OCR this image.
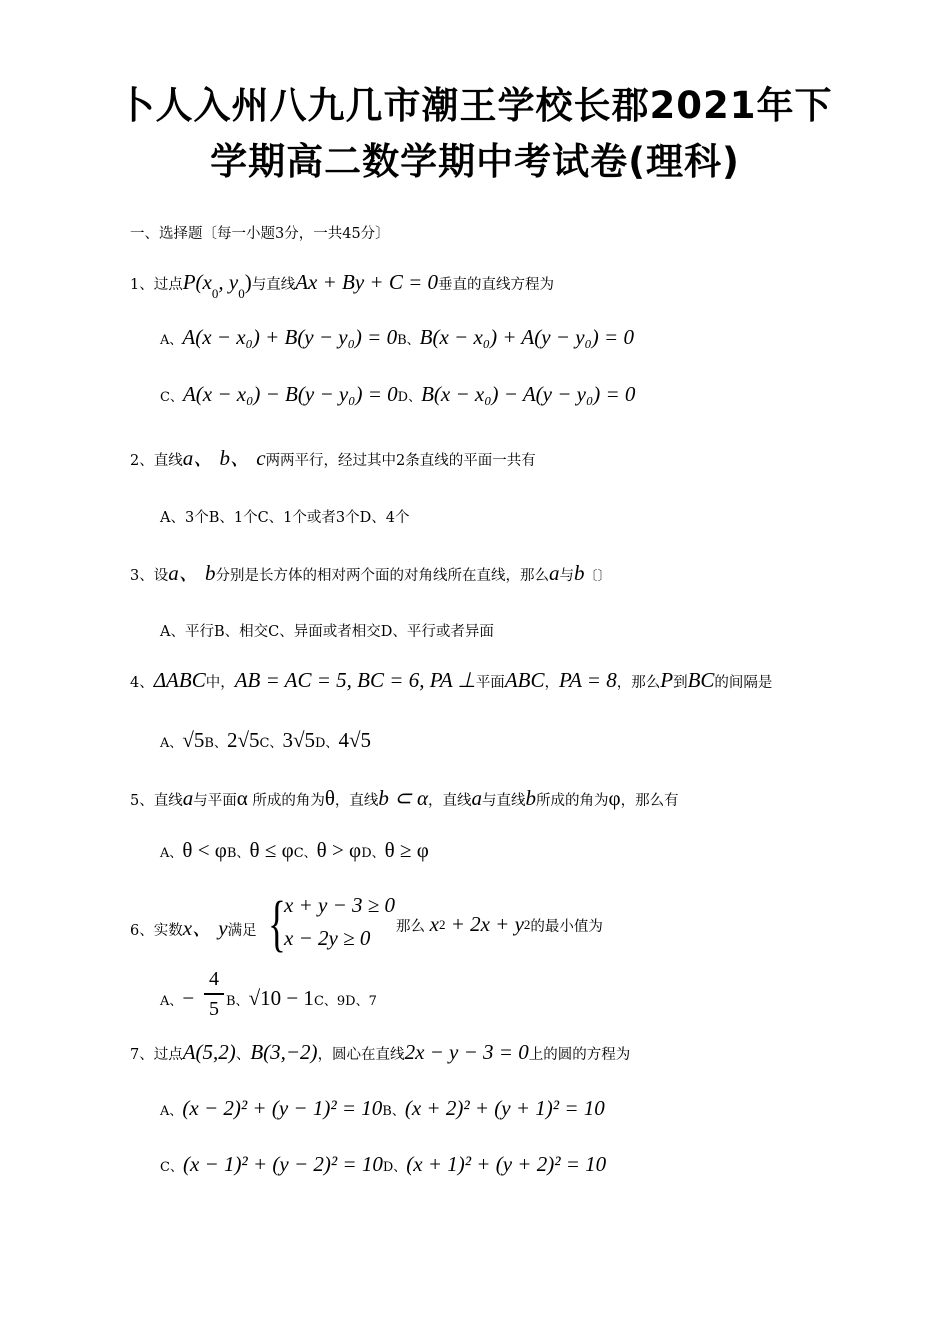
卜人入州八九几市潮王学校长郡2021年下
学期高二数学期中考试卷(理科)
一、选择题〔每一小题3分，一共45分〕
1、过点P(x0, y0)与直线Ax + By + C = 0垂直的直线方程为
A、A(x − x₀) + B(y − y₀) = 0B、B(x − x₀) + A(y − y₀) = 0
C、A(x − x₀) − B(y − y₀) = 0D、B(x − x₀) − A(y − y₀) = 0
2、直线a、 b、 c两两平行，经过其中2条直线的平面一共有
A、3个B、1个C、1个或者3个D、4个
3、设a、 b分别是长方体的相对两个面的对角线所在直线，那么a与b〔〕
A、平行B、相交C、异面或者相交D、平行或者异面
4、ΔABC中，AB = AC = 5, BC = 6, PA ⊥平面ABC，PA = 8，那么P到BC的间隔是
A、√5B、2√5C、3√5D、4√5
5、直线a与平面α 所成的角为θ，直线b ⊂ α，直线a与直线b所成的角为φ，那么有
A、θ < φB、θ ≤ φC、θ > φD、θ ≥ φ
6、实数x、 y满足 {
x + y − 3 ≥ 0
x − 2y ≥ 0 那么 x2 + 2x + y2的最小值为
A、−
4
5 B、√10 − 1C、9D、7
7、过点A(5,2)、B(3,−2)，圆心在直线2x − y − 3 = 0上的圆的方程为
A、(x − 2)² + (y − 1)² = 10B、(x + 2)² + (y + 1)² = 10
C、(x − 1)² + (y − 2)² = 10D、(x + 1)² + (y + 2)² = 10
